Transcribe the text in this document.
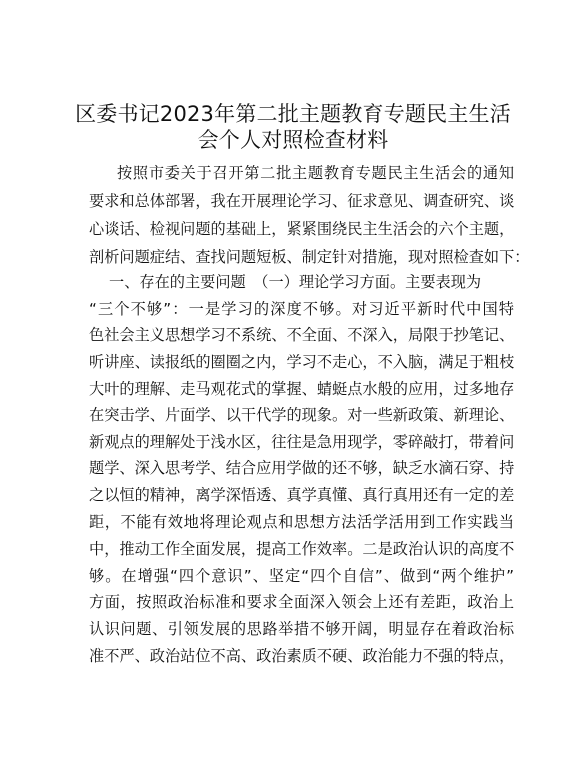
区委书记2023年第二批主题教育专题民主生活
会个人对照检查材料
按照市委关于召开第二批主题教育专题民主生活会的通知
要求和总体部署，我在开展理论学习、征求意见、调查研究、谈
心谈话、检视问题的基础上，紧紧围绕民主生活会的六个主题，
剖析问题症结、查找问题短板、制定针对措施，现对照检查如下：
一、存在的主要问题　（一）理论学习方面。主要表现为
“三个不够”：一是学习的深度不够。对习近平新时代中国特
色社会主义思想学习不系统、不全面、不深入，局限于抄笔记、
听讲座、读报纸的圈圈之内，学习不走心，不入脑，满足于粗枝
大叶的理解、走马观花式的掌握、蜻蜓点水般的应用，过多地存
在突击学、片面学、以干代学的现象。对一些新政策、新理论、
新观点的理解处于浅水区，往往是急用现学，零碎敲打，带着问
题学、深入思考学、结合应用学做的还不够，缺乏水滴石穿、持
之以恒的精神，离学深悟透、真学真懂、真行真用还有一定的差
距，不能有效地将理论观点和思想方法活学活用到工作实践当
中，推动工作全面发展，提高工作效率。二是政治认识的高度不
够。在增强“四个意识”、坚定“四个自信”、做到“两个维护”
方面，按照政治标准和要求全面深入领会上还有差距，政治上
认识问题、引领发展的思路举措不够开阔，明显存在着政治标
准不严、政治站位不高、政治素质不硬、政治能力不强的特点，
